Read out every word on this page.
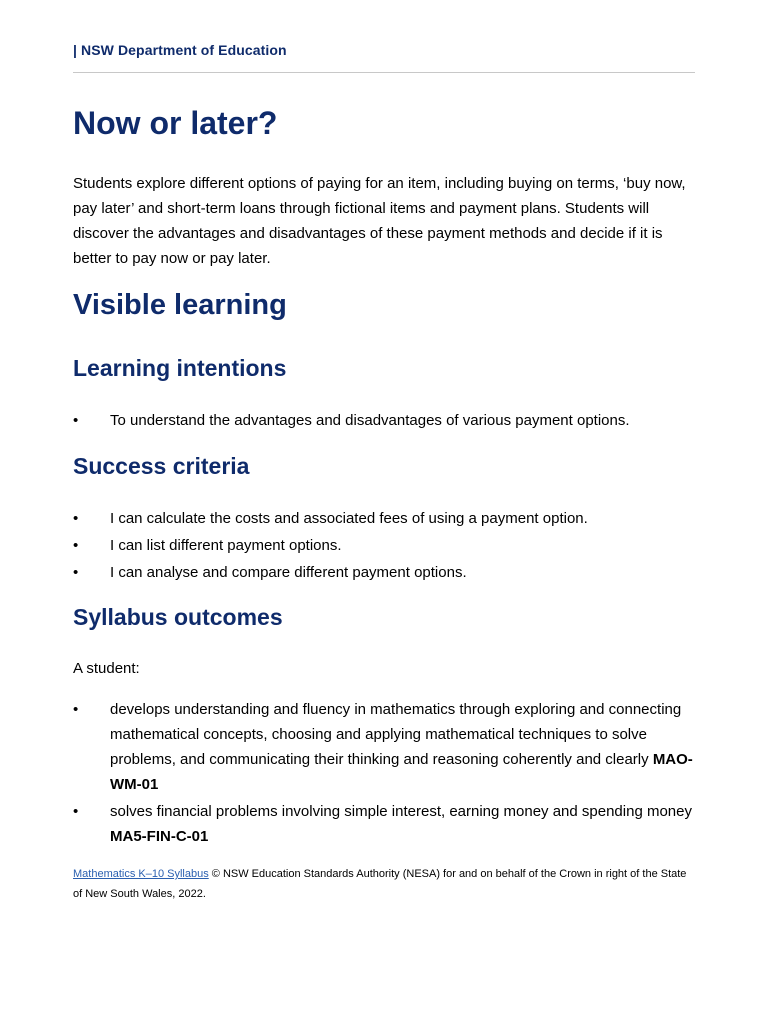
| NSW Department of Education
Now or later?

Students explore different options of paying for an item, including buying on terms, ‘buy now, pay later’ and short-term loans through fictional items and payment plans. Students will discover the advantages and disadvantages of these payment methods and decide if it is better to pay now or pay later.

Visible learning
Learning intentions
•	To understand the advantages and disadvantages of various payment options.
Success criteria
•	I can calculate the costs and associated fees of using a payment option.
•	I can list different payment options.
•	I can analyse and compare different payment options.
Syllabus outcomes

A student:

•	develops understanding and fluency in mathematics through exploring and connecting mathematical concepts, choosing and applying mathematical techniques to solve problems, and communicating their thinking and reasoning coherently and clearly MAO-WM-01
•	solves financial problems involving simple interest, earning money and spending money MA5-FIN-C-01

Mathematics K–10 Syllabus © NSW Education Standards Authority (NESA) for and on behalf of the Crown in right of the State of New South Wales, 2022.
